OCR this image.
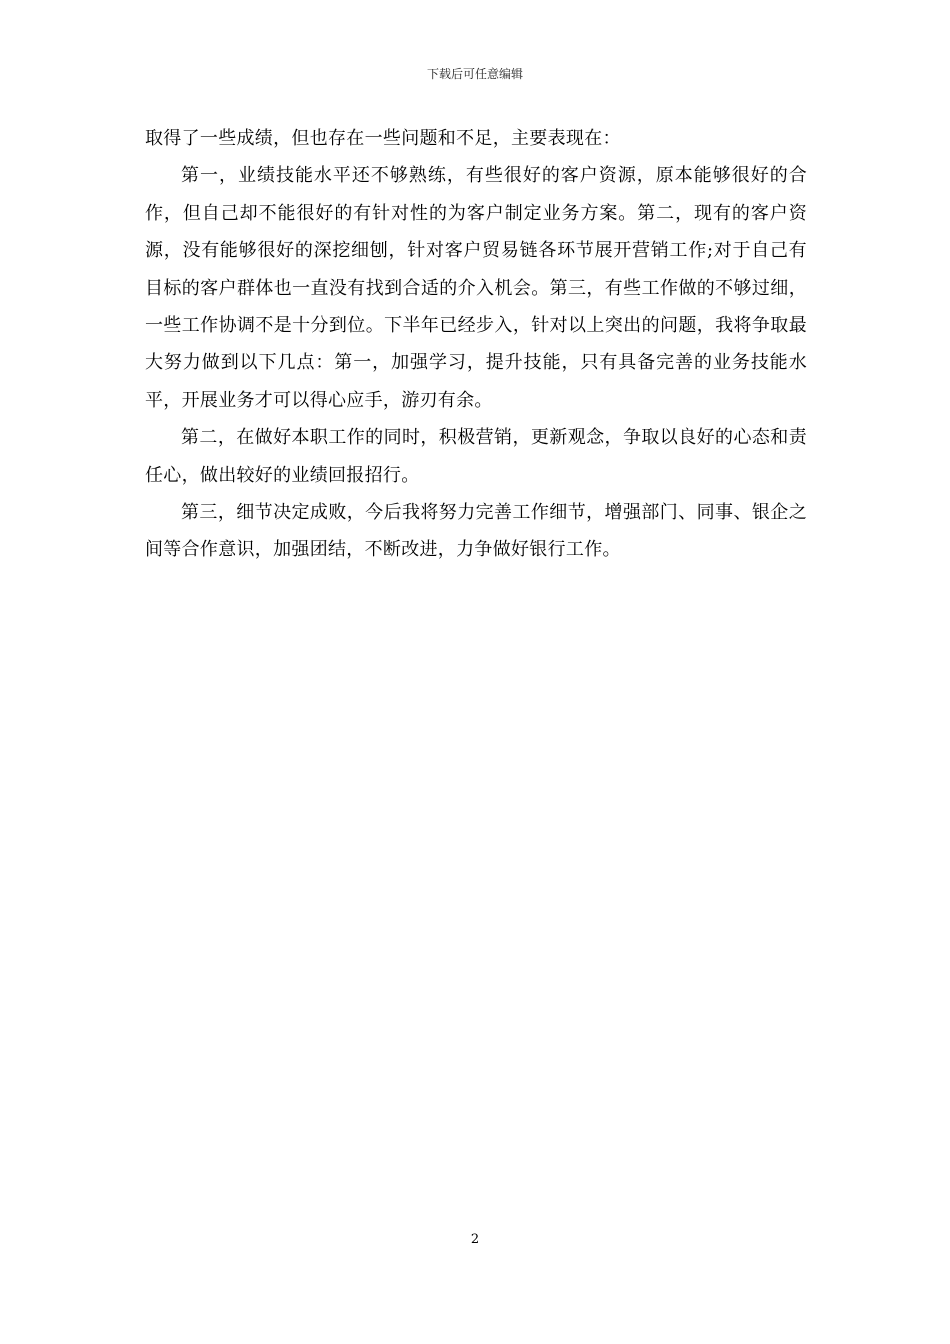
下载后可任意编辑

取得了一些成绩，但也存在一些问题和不足，主要表现在：

第一，业绩技能水平还不够熟练，有些很好的客户资源，原本能够很好的合作，但自己却不能很好的有针对性的为客户制定业务方案。第二，现有的客户资源，没有能够很好的深挖细刨，针对客户贸易链各环节展开营销工作;对于自己有目标的客户群体也一直没有找到合适的介入机会。第三，有些工作做的不够过细，一些工作协调不是十分到位。下半年已经步入，针对以上突出的问题，我将争取最大努力做到以下几点：第一，加强学习，提升技能，只有具备完善的业务技能水平，开展业务才可以得心应手，游刃有余。

第二，在做好本职工作的同时，积极营销，更新观念，争取以良好的心态和责任心，做出较好的业绩回报招行。

第三，细节决定成败，今后我将努力完善工作细节，增强部门、同事、银企之间等合作意识，加强团结，不断改进，力争做好银行工作。

2
